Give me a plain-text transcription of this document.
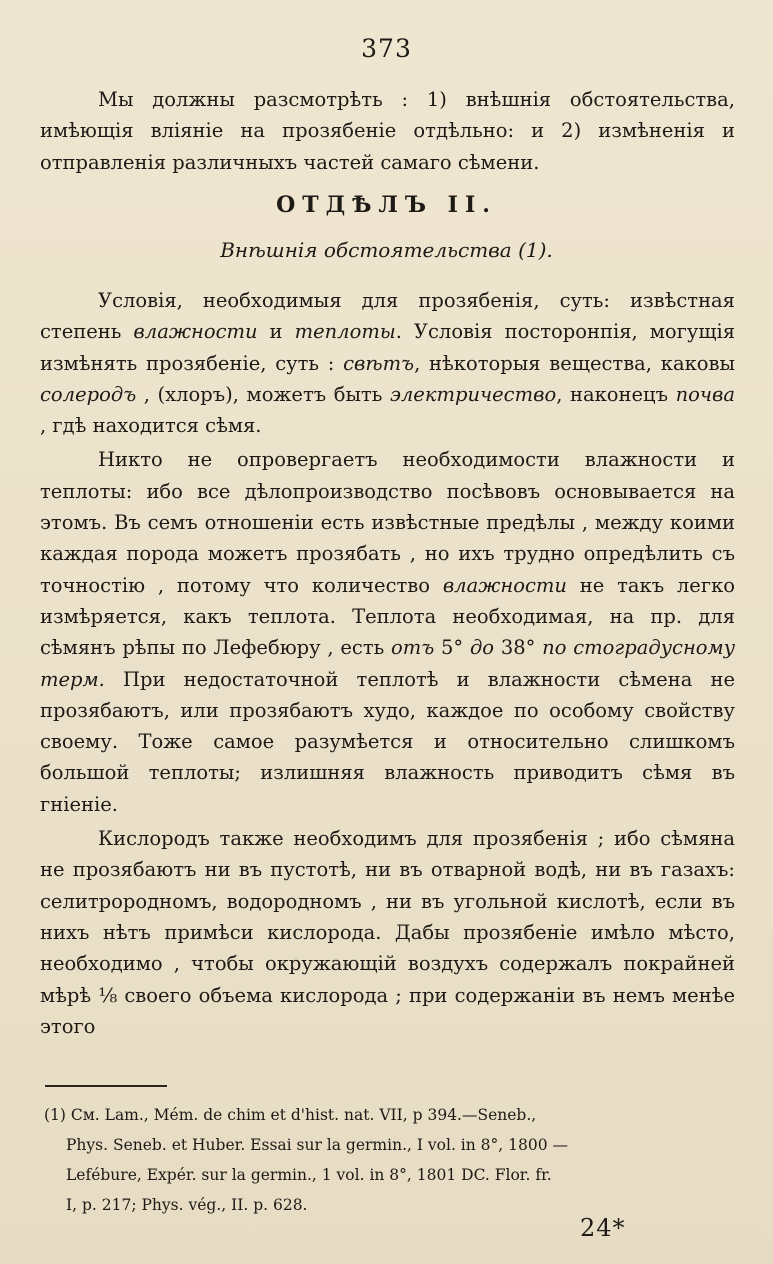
373

Мы должны разсмотрѣть : 1) внѣшнія обстоятельства, имѣющія вліяніе на прозябеніе отдѣльно: и 2) измѣненія и отправленія различныхъ частей самаго сѣмени.

ОТДѢЛЪ II.
Внѣшнія обстоятельства (1).

Условія, необходимыя для прозябенія, суть: извѣстная степень влажности и теплоты. Условія посторонпія, могущія измѣнять прозябеніе, суть : свѣтъ, нѣкоторыя вещества, каковы солеродъ , (хлоръ), можетъ быть электричество, наконецъ почва , гдѣ находится сѣмя.

Никто не опровергаетъ необходимости влажности и теплоты: ибо все дѣлопроизводство посѣвовъ основывается на этомъ. Въ семъ отношеніи есть извѣстные предѣлы , между коими каждая порода можетъ прозябать , но ихъ трудно опредѣлить съ точностію , потому что количество влажности не такъ легко измѣряется, какъ теплота. Теплота необходимая, на пр. для сѣмянъ рѣпы по Лефебюру , есть отъ 5° до 38° по стоградусному терм. При недостаточной теплотѣ и влажности сѣмена не прозябаютъ, или прозябаютъ худо, каждое по особому свойству своему. Тоже самое разумѣется и относительно слишкомъ большой теплоты; излишняя влажность приводитъ сѣмя въ гніеніе.

Кислородъ также необходимъ для прозябенія ; ибо сѣмяна не прозябаютъ ни въ пустотѣ, ни въ отварной водѣ, ни въ газахъ: селитрородномъ, водородномъ , ни въ угольной кислотѣ, если въ нихъ нѣтъ примѣси кислорода. Дабы прозябеніе имѣло мѣсто, необходимо , чтобы окружающій воздухъ содержалъ покрайней мѣрѣ ⅛ своего объема кислорода ; при содержаніи въ немъ менѣе этого

(1) См. Lam., Mém. de chim et d'hist. nat. VII, p 394.—Seneb.,

Phys. Seneb. et Huber. Essai sur la germin., I vol. in 8°, 1800 —
Lefébure, Expér. sur la germin., 1 vol. in 8°, 1801 DC. Flor. fr.
I, p. 217; Phys. vég., II. p. 628.
24*
